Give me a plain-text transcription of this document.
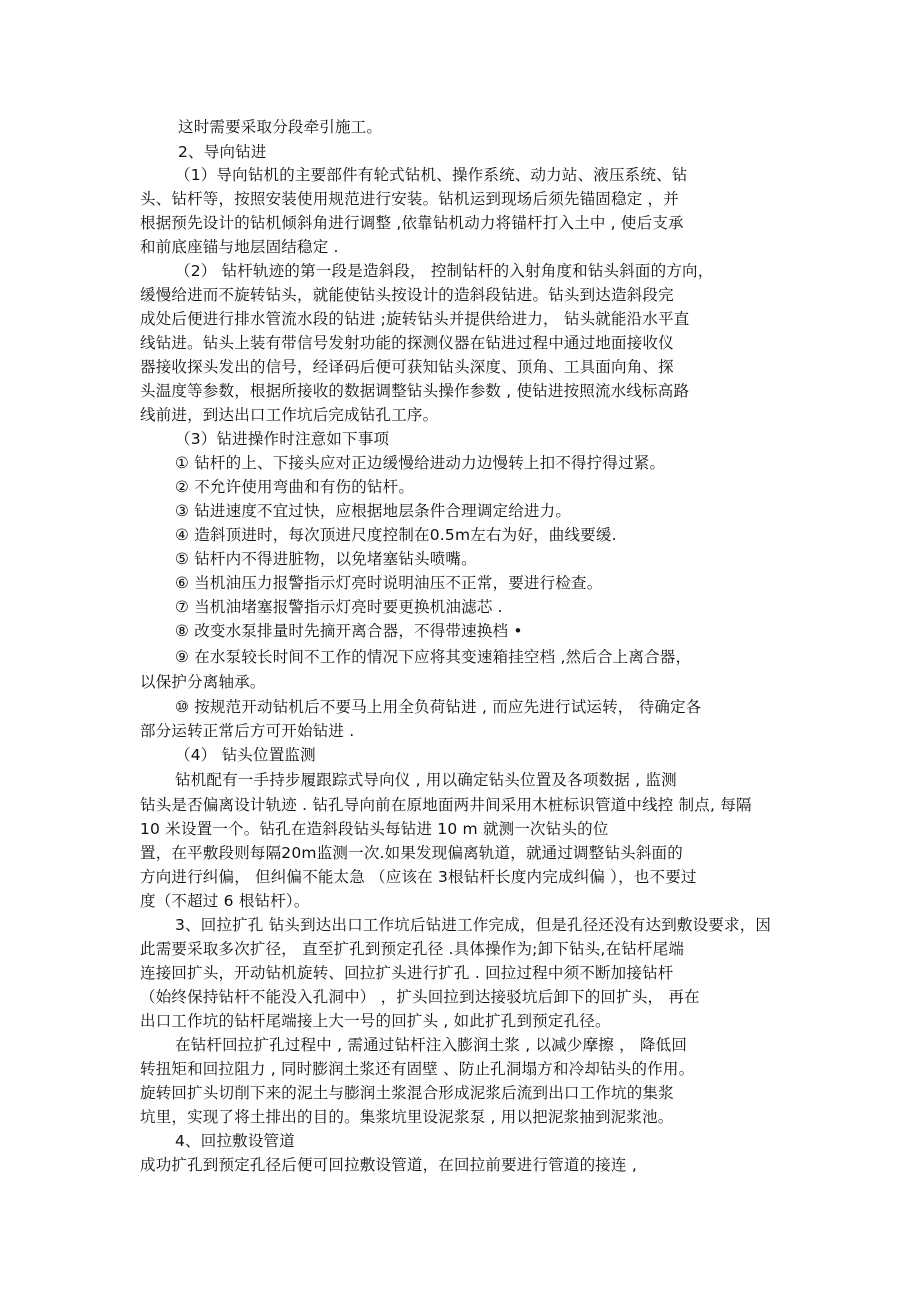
这时需要采取分段牵引施工。
2、导向钻进
（1）导向钻机的主要部件有轮式钻机、操作系统、动力站、液压系统、钻
头、钻杆等，按照安装使用规范进行安装。钻机运到现场后须先锚固稳定 ，并
根据预先设计的钻机倾斜角进行调整 ,依靠钻机动力将锚杆打入土中 , 使后支承
和前底座锚与地层固结稳定 .
（2） 钻杆轨迹的第一段是造斜段， 控制钻杆的入射角度和钻头斜面的方向，
缓慢给进而不旋转钻头，就能使钻头按设计的造斜段钻进。钻头到达造斜段完
成处后便进行排水管流水段的钻进 ;旋转钻头并提供给进力， 钻头就能沿水平直
线钻进。钻头上装有带信号发射功能的探测仪器在钻进过程中通过地面接收仪
器接收探头发出的信号，经译码后便可获知钻头深度、顶角、工具面向角、探
头温度等参数，根据所接收的数据调整钻头操作参数 , 使钻进按照流水线标高路
线前进，到达出口工作坑后完成钻孔工序。
（3）钻进操作时注意如下事项
① 钻杆的上、下接头应对正边缓慢给进动力边慢转上扣不得拧得过紧。
② 不允许使用弯曲和有伤的钻杆。
③ 钻进速度不宜过快，应根据地层条件合理调定给进力。
④ 造斜顶进时，每次顶进尺度控制在0.5m左右为好，曲线要缓.
⑤ 钻杆内不得进脏物，以免堵塞钻头喷嘴。
⑥ 当机油压力报警指示灯亮时说明油压不正常，要进行检查。
⑦ 当机油堵塞报警指示灯亮时要更换机油滤芯 .
⑧ 改变水泵排量时先摘开离合器，不得带速换档 •
⑨ 在水泵较长时间不工作的情况下应将其变速箱挂空档 ,然后合上离合器，
以保护分离轴承。
⑩ 按规范开动钻机后不要马上用全负荷钻进 , 而应先进行试运转， 待确定各
部分运转正常后方可开始钻进 .
（4） 钻头位置监测
钻机配有一手持步履跟踪式导向仪 , 用以确定钻头位置及各项数据 , 监测
钻头是否偏离设计轨迹 . 钻孔导向前在原地面两井间采用木桩标识管道中线控 制点, 每隔
10 米设置一个。钻孔在造斜段钻头每钻进 10 m 就测一次钻头的位
置，在平敷段则每隔20m监测一次.如果发现偏离轨道，就通过调整钻头斜面的
方向进行纠偏， 但纠偏不能太急 （应该在 3根钻杆长度内完成纠偏 ），也不要过
度（不超过 6 根钻杆）。
3、回拉扩孔 钻头到达出口工作坑后钻进工作完成，但是孔径还没有达到敷设要求，因
此需要采取多次扩径， 直至扩孔到预定孔径 .具体操作为;卸下钻头,在钻杆尾端
连接回扩头，开动钻机旋转、回拉扩头进行扩孔 . 回拉过程中须不断加接钻杆
（始终保持钻杆不能没入孔洞中） ，扩头回拉到达接驳坑后卸下的回扩头， 再在
出口工作坑的钻杆尾端接上大一号的回扩头 , 如此扩孔到预定孔径。
在钻杆回拉扩孔过程中 , 需通过钻杆注入膨润土浆 , 以减少摩擦 ， 降低回
转扭矩和回拉阻力 , 同时膨润土浆还有固壁 、防止孔洞塌方和冷却钻头的作用。
旋转回扩头切削下来的泥土与膨润土浆混合形成泥浆后流到出口工作坑的集浆
坑里，实现了将土排出的目的。集浆坑里设泥浆泵 , 用以把泥浆抽到泥浆池。
4、回拉敷设管道
成功扩孔到预定孔径后便可回拉敷设管道，在回拉前要进行管道的接连 ,
